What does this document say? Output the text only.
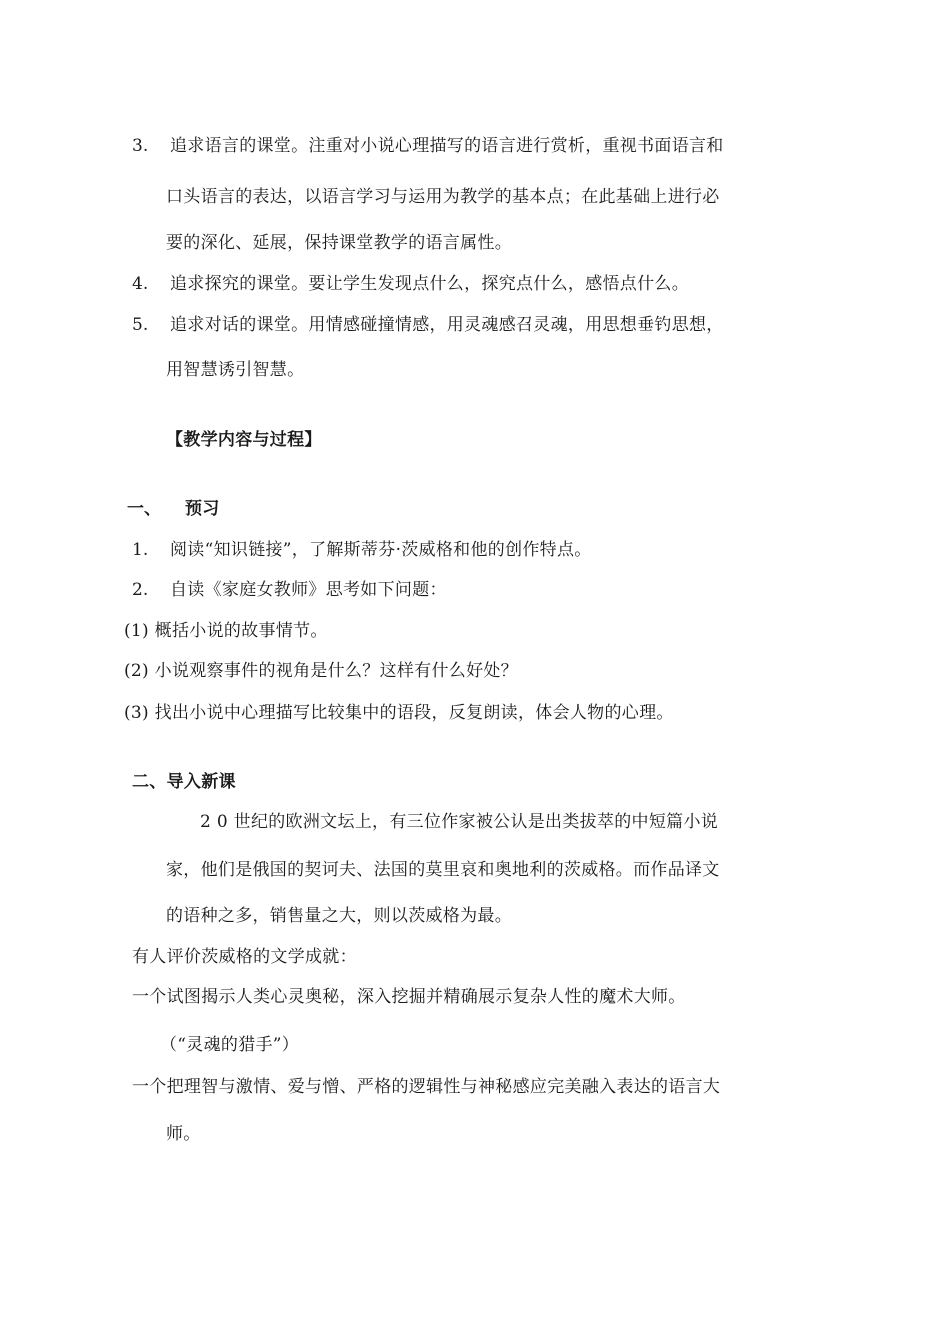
3. 追求语言的课堂。注重对小说心理描写的语言进行赏析，重视书面语言和
口头语言的表达，以语言学习与运用为教学的基本点；在此基础上进行必
要的深化、延展，保持课堂教学的语言属性。
4. 追求探究的课堂。要让学生发现点什么，探究点什么，感悟点什么。
5. 追求对话的课堂。用情感碰撞情感，用灵魂感召灵魂，用思想垂钓思想，
用智慧诱引智慧。
【教学内容与过程】
一、 预习
1. 阅读“知识链接”，了解斯蒂芬·茨威格和他的创作特点。
2. 自读《家庭女教师》思考如下问题：
(1) 概括小说的故事情节。
(2) 小说观察事件的视角是什么？这样有什么好处？
(3) 找出小说中心理描写比较集中的语段，反复朗读，体会人物的心理。
二、导入新课
2 0 世纪的欧洲文坛上，有三位作家被公认是出类拔萃的中短篇小说
家，他们是俄国的契诃夫、法国的莫里哀和奥地利的茨威格。而作品译文
的语种之多，销售量之大，则以茨威格为最。
有人评价茨威格的文学成就：
一个试图揭示人类心灵奥秘，深入挖掘并精确展示复杂人性的魔术大师。
（“灵魂的猎手”）
一个把理智与激情、爱与憎、严格的逻辑性与神秘感应完美融入表达的语言大
师。
